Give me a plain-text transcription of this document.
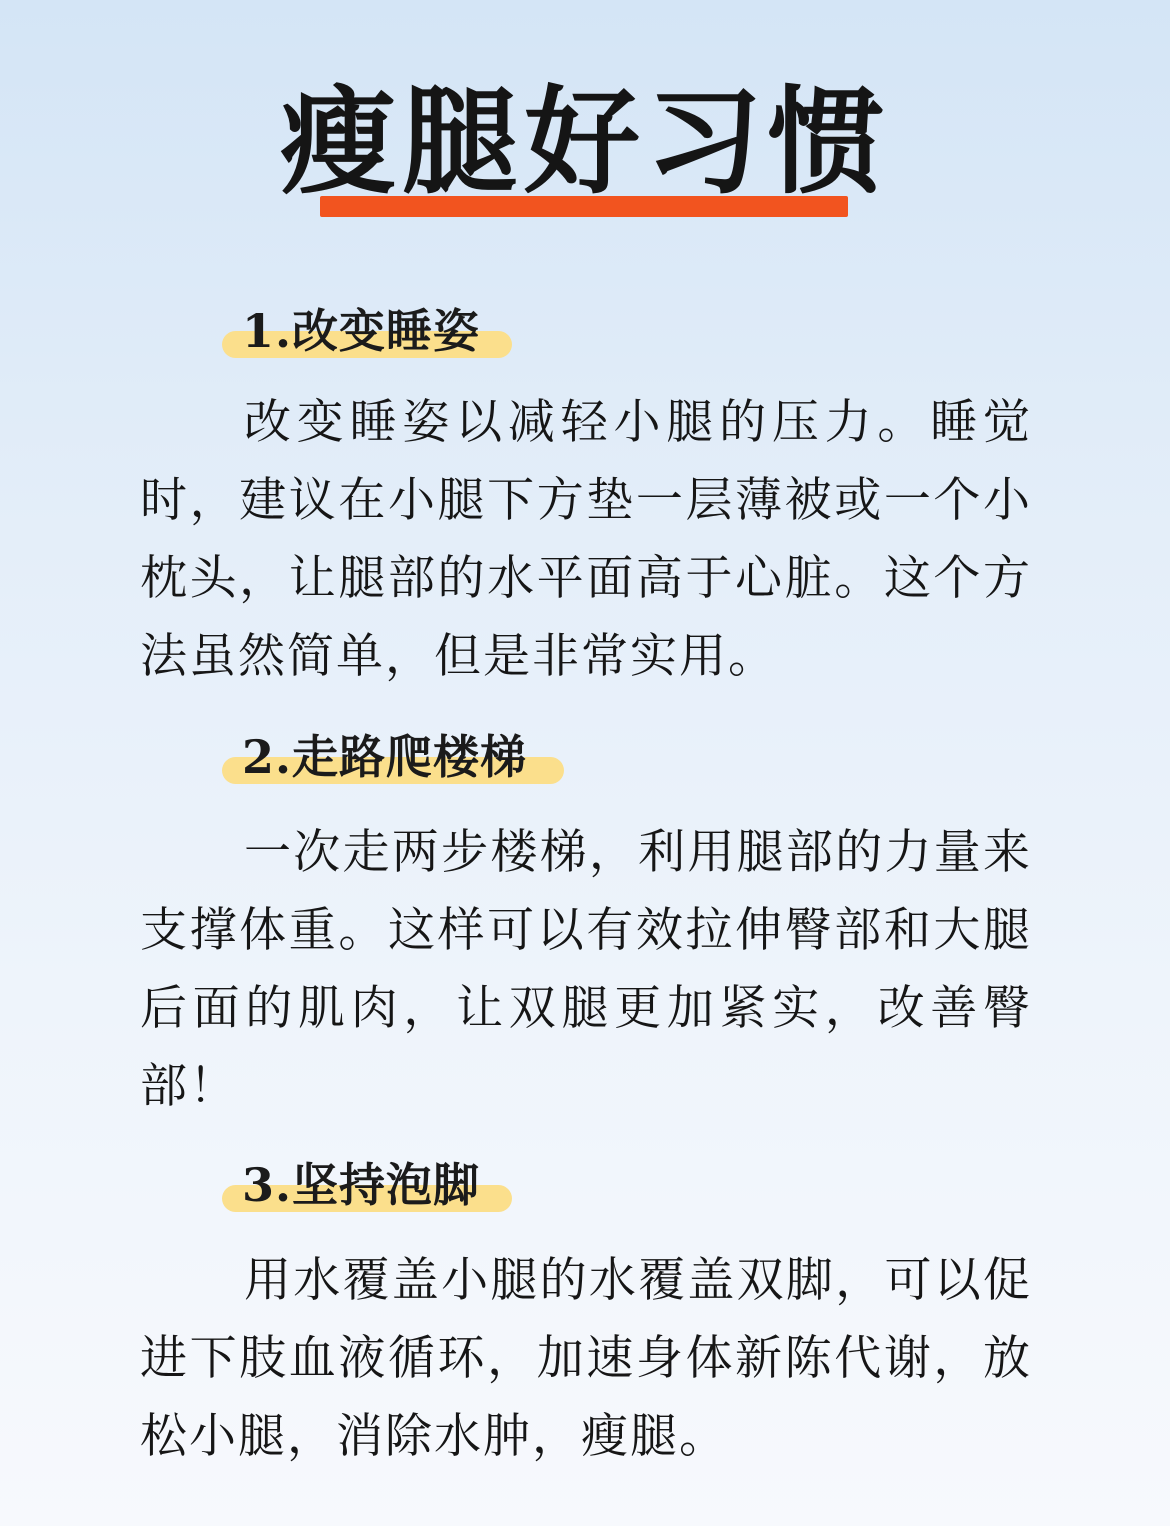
瘦腿好习惯
1.改变睡姿

改变睡姿以减轻小腿的压力。睡觉时，建议在小腿下方垫一层薄被或一个小枕头，让腿部的水平面高于心脏。这个方法虽然简单，但是非常实用。

2.走路爬楼梯

一次走两步楼梯，利用腿部的力量来支撑体重。这样可以有效拉伸臀部和大腿后面的肌肉，让双腿更加紧实，改善臀部！

3.坚持泡脚

用水覆盖小腿的水覆盖双脚，可以促进下肢血液循环，加速身体新陈代谢，放松小腿，消除水肿，瘦腿。
